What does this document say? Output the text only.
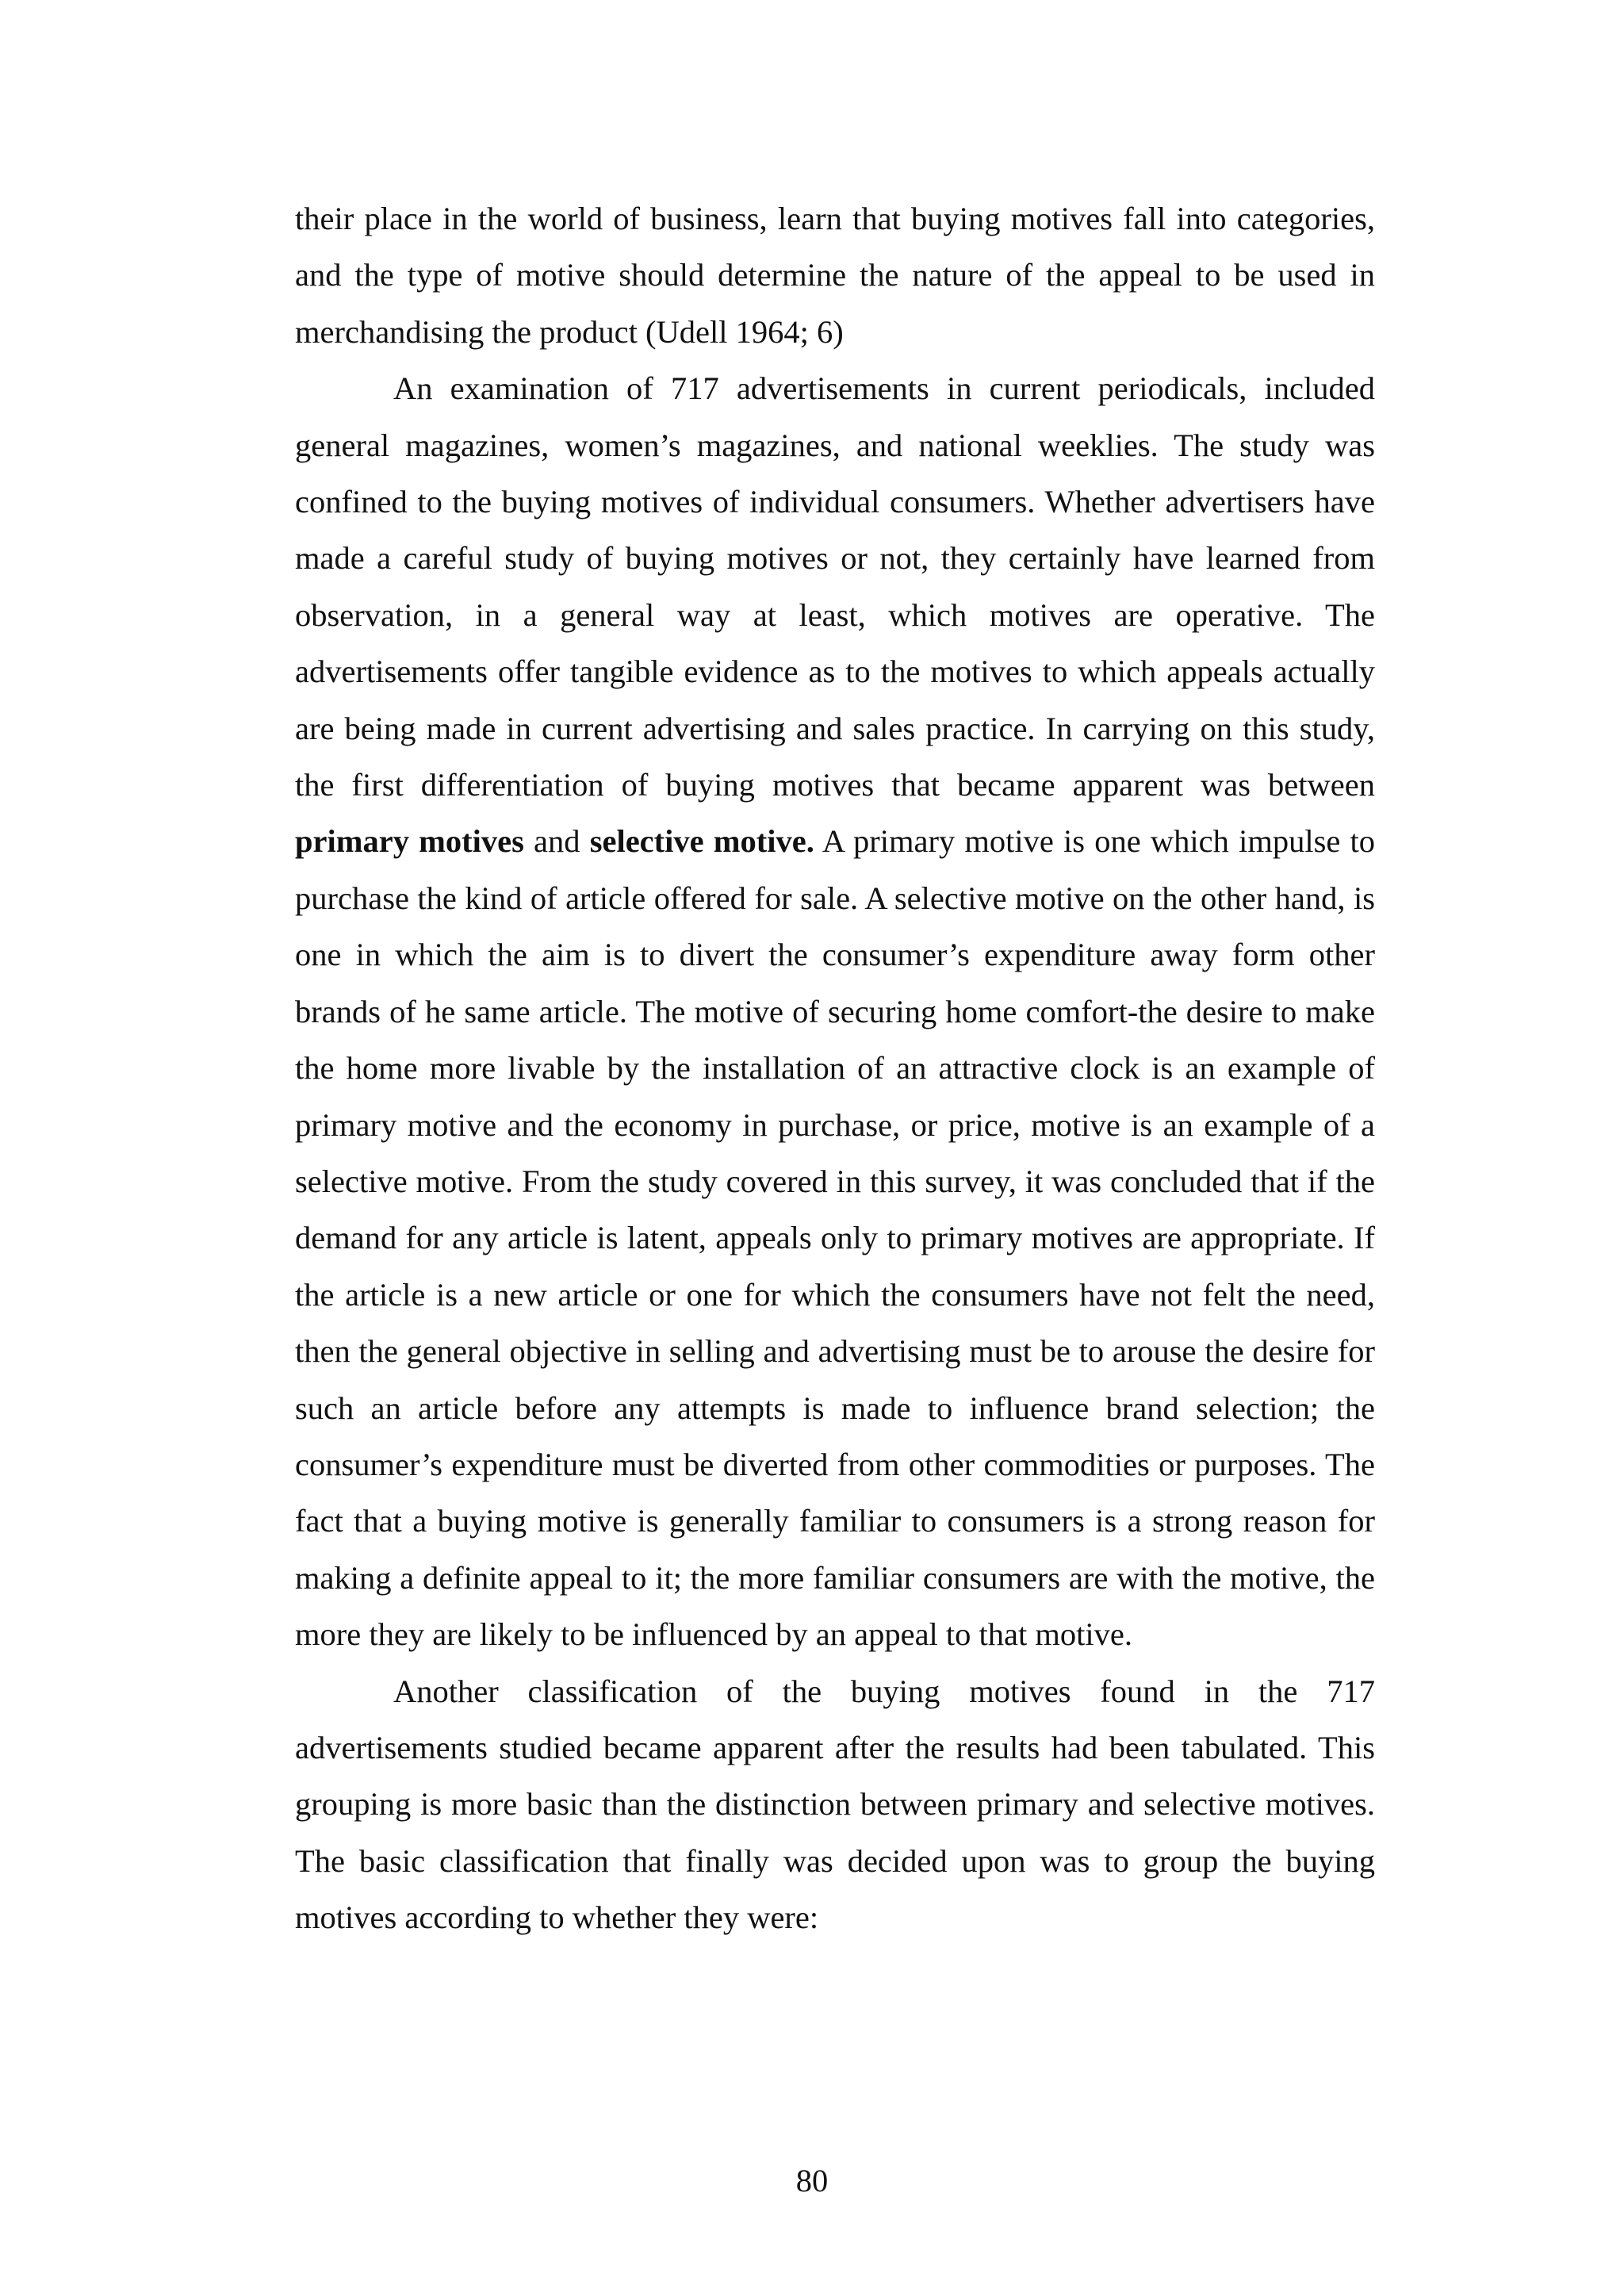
their place in the world of business, learn that buying motives fall into categories, and the type of motive should determine the nature of the appeal to be used in merchandising the product (Udell 1964; 6)

An examination of 717 advertisements in current periodicals, included general magazines, women’s magazines, and national weeklies. The study was confined to the buying motives of individual consumers. Whether advertisers have made a careful study of buying motives or not, they certainly have learned from observation, in a general way at least, which motives are operative. The advertisements offer tangible evidence as to the motives to which appeals actually are being made in current advertising and sales practice. In carrying on this study, the first differentiation of buying motives that became apparent was between primary motives and selective motive. A primary motive is one which impulse to purchase the kind of article offered for sale. A selective motive on the other hand, is one in which the aim is to divert the consumer’s expenditure away form other brands of he same article. The motive of securing home comfort-the desire to make the home more livable by the installation of an attractive clock is an example of primary motive and the economy in purchase, or price, motive is an example of a selective motive. From the study covered in this survey, it was concluded that if the demand for any article is latent, appeals only to primary motives are appropriate. If the article is a new article or one for which the consumers have not felt the need, then the general objective in selling and advertising must be to arouse the desire for such an article before any attempts is made to influence brand selection; the consumer’s expenditure must be diverted from other commodities or purposes. The fact that a buying motive is generally familiar to consumers is a strong reason for making a definite appeal to it; the more familiar consumers are with the motive, the more they are likely to be influenced by an appeal to that motive.

Another classification of the buying motives found in the 717 advertisements studied became apparent after the results had been tabulated. This grouping is more basic than the distinction between primary and selective motives. The basic classification that finally was decided upon was to group the buying motives according to whether they were:

80
